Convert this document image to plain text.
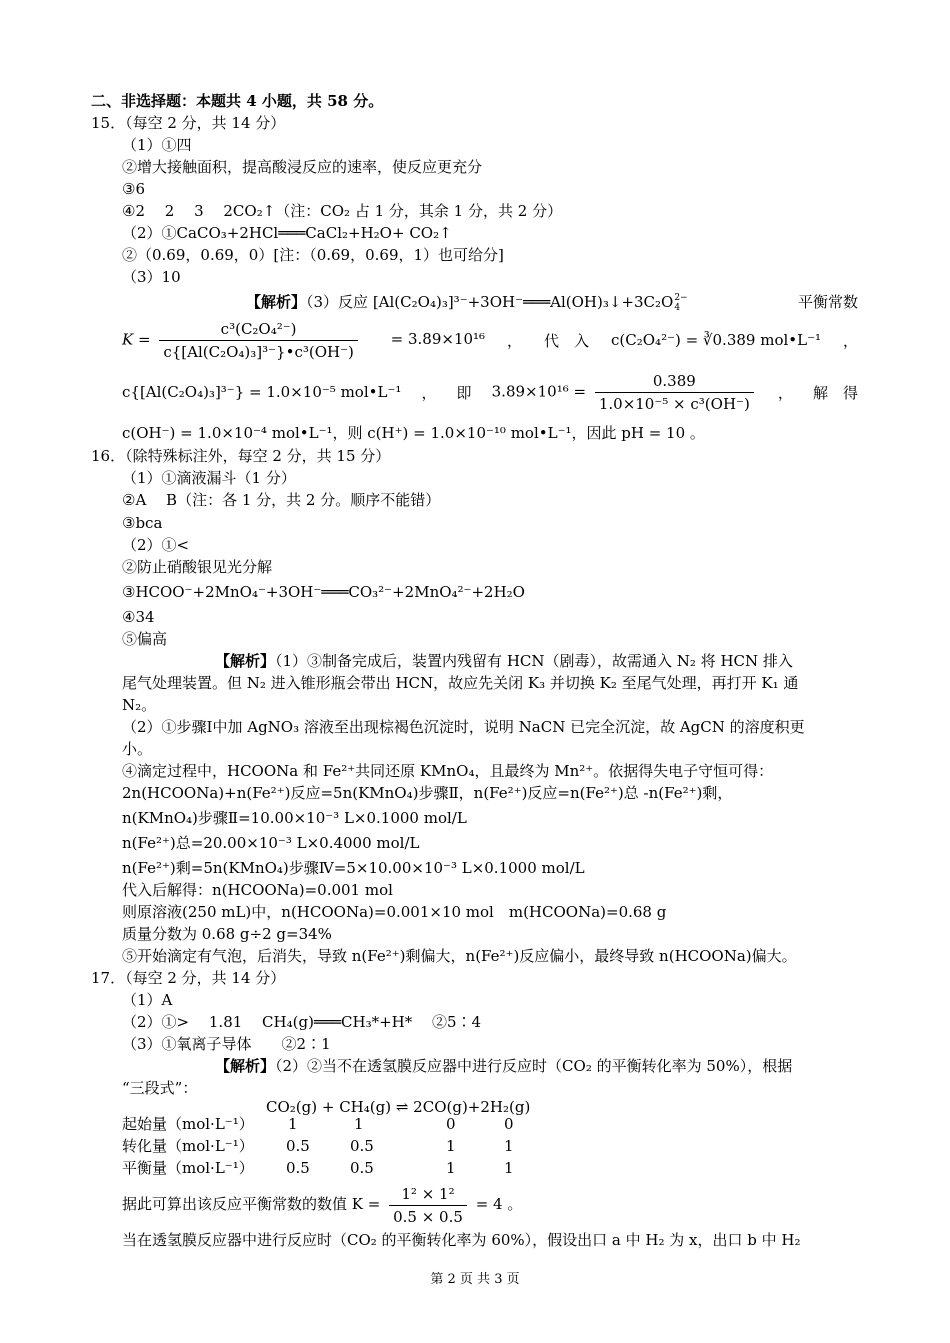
二、非选择题：本题共 4 小题，共 58 分。
15．（每空 2 分，共 14 分）
（1）①四
②增大接触面积，提高酸浸反应的速率，使反应更充分
③6
④2　 2　 3　 2CO₂↑（注：CO₂ 占 1 分，其余 1 分，共 2 分）
（2）①CaCO₃+2HCl═══CaCl₂+H₂O+ CO₂↑
②（0.69，0.69，0）[注：（0.69，0.69，1）也可给分]
（3）10
【解析】（3）反应 [Al(C₂O₄)₃]³⁻+3OH⁻═══Al(OH)₃↓+3C₂O 2−
4	平衡常数
$K = \frac{\text{c³(C₂O₄²⁻)}}{\text{c\{[Al(C₂O₄)₃]³⁻\}•c³(OH⁻)}} = 3.89\times 10^{16}$ ， 代　入 c(C₂O₄²⁻) = ∛0.389 mol•L⁻¹ ，
c{[Al(C₂O₄)₃]³⁻} = 1.0×10⁻⁵ mol•L⁻¹ ， 即 $3.89\times 10^{16} = \frac{0.389}{\text{1.0×10⁻⁵ × c³(OH⁻)}}$ ， 解　得
c(OH⁻) = 1.0×10⁻⁴ mol•L⁻¹，则 c(H⁺) = 1.0×10⁻¹⁰ mol•L⁻¹，因此 pH = 10 。
16．（除特殊标注外，每空 2 分，共 15 分）
（1）①滴液漏斗（1 分）
②A　 B（注：各 1 分，共 2 分。顺序不能错）
③bca
（2）①<
②防止硝酸银见光分解
③HCOO⁻+2MnO₄⁻+3OH⁻═══CO₃²⁻+2MnO₄²⁻+2H₂O
④34
⑤偏高
【解析】（1）③制备完成后，装置内残留有 HCN（剧毒），故需通入 N₂ 将 HCN 排入
尾气处理装置。但 N₂ 进入锥形瓶会带出 HCN，故应先关闭 K₃ 并切换 K₂ 至尾气处理，再打开 K₁ 通
N₂。
（2）①步骤Ⅰ中加 AgNO₃ 溶液至出现棕褐色沉淀时，说明 NaCN 已完全沉淀，故 AgCN 的溶度积更
小。
④滴定过程中，HCOONa 和 Fe²⁺共同还原 KMnO₄，且最终为 Mn²⁺。依据得失电子守恒可得：
2n(HCOONa)+n(Fe²⁺)反应=5n(KMnO₄)步骤Ⅱ，n(Fe²⁺)反应=n(Fe²⁺)总 -n(Fe²⁺)剩，
n(KMnO₄)步骤Ⅱ=10.00×10⁻³ L×0.1000 mol/L
n(Fe²⁺)总=20.00×10⁻³ L×0.4000 mol/L
n(Fe²⁺)剩=5n(KMnO₄)步骤Ⅳ=5×10.00×10⁻³ L×0.1000 mol/L
代入后解得：n(HCOONa)=0.001 mol
则原溶液(250 mL)中，n(HCOONa)=0.001×10 mol　m(HCOONa)=0.68 g
质量分数为 0.68 g÷2 g=34%
⑤开始滴定有气泡，后消失，导致 n(Fe²⁺)剩偏大，n(Fe²⁺)反应偏小，最终导致 n(HCOONa)偏大。
17．（每空 2 分，共 14 分）
（1）A
（2）①>　 1.81　 CH₄(g)═══CH₃*+H*　 ②5∶4
（3）①氧离子导体　　②2∶1
【解析】（2）②当不在透氢膜反应器中进行反应时（CO₂ 的平衡转化率为 50%），根据
“三段式”：
CO₂(g) + CH₄(g) ⇌ 2CO(g)+2H₂(g)
起始量（mol·L⁻¹） 1	1	0	0
转化量（mol·L⁻¹） 0.5	0.5	1	1
平衡量（mol·L⁻¹） 0.5	0.5	1	1
据此可算出该反应平衡常数的数值 $K = \frac{\text{1² × 1²}}{0.5 \times 0.5} = 4$ 。
当在透氢膜反应器中进行反应时（CO₂ 的平衡转化率为 60%），假设出口 a 中 H₂ 为 x，出口 b 中 H₂
第 2 页 共 3 页
